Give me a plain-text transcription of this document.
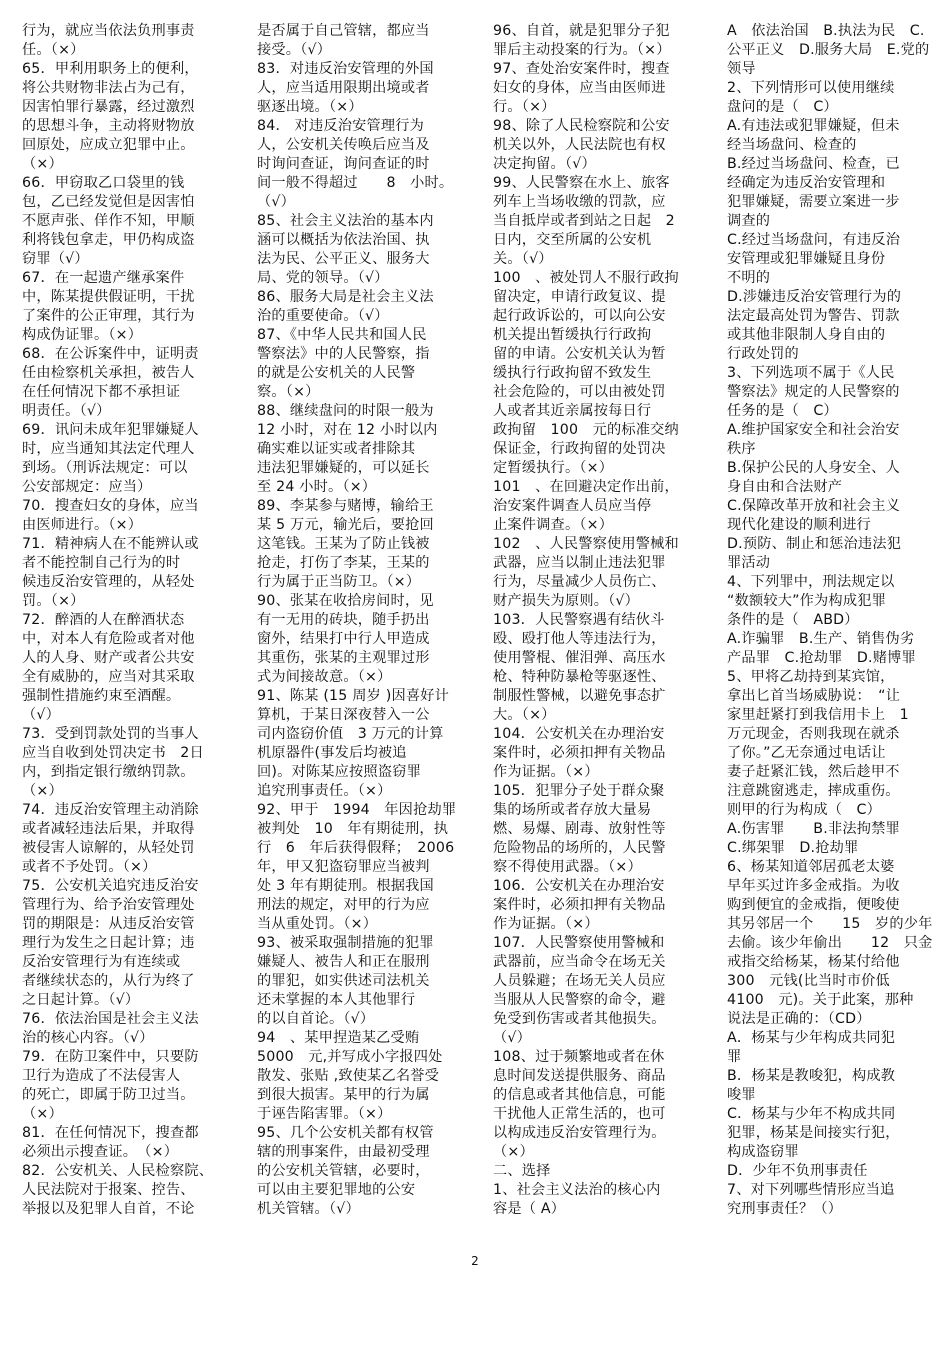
行为，就应当依法负刑事责
任。（×）
65．甲利用职务上的便利，
将公共财物非法占为己有，
因害怕罪行暴露，经过激烈
的思想斗争，主动将财物放
回原处，应成立犯罪中止。
（×）
66．甲窃取乙口袋里的钱
包，乙已经发觉但是因害怕
不愿声张、佯作不知，甲顺
利将钱包拿走，甲仍构成盗
窃罪（√）
67．在一起遗产继承案件
中，陈某提供假证明，干扰
了案件的公正审理，其行为
构成伪证罪。（×）
68．在公诉案件中，证明责
任由检察机关承担，被告人
在任何情况下都不承担证
明责任。（√）
69．讯问未成年犯罪嫌疑人
时，应当通知其法定代理人
到场。（刑诉法规定：可以
公安部规定：应当）
70．搜查妇女的身体，应当
由医师进行。（×）
71．精神病人在不能辨认或
者不能控制自己行为的时
候违反治安管理的，从轻处
罚。（×）
72．醉酒的人在醉酒状态
中，对本人有危险或者对他
人的人身、财产或者公共安
全有威胁的，应当对其采取
强制性措施约束至酒醒。
（√）
73．受到罚款处罚的当事人
应当自收到处罚决定书　2日
内，到指定银行缴纳罚款。
（×）
74．违反治安管理主动消除
或者减轻违法后果，并取得
被侵害人谅解的，从轻处罚
或者不予处罚。（×）
75．公安机关追究违反治安
管理行为、给予治安管理处
罚的期限是：从违反治安管
理行为发生之日起计算；违
反治安管理行为有连续或
者继续状态的，从行为终了
之日起计算。（√）
76．依法治国是社会主义法
治的核心内容。（√）
79．在防卫案件中，只要防
卫行为造成了不法侵害人
的死亡，即属于防卫过当。
（×）
81．在任何情况下，搜查都
必须出示搜查证。　（×）
82．公安机关、人民检察院、
人民法院对于报案、控告、
举报以及犯罪人自首，不论
是否属于自己管辖，都应当
接受。（√）
83．对违反治安管理的外国
人，应当适用限期出境或者
驱逐出境。（×）
84． 对违反治安管理行为
人，公安机关传唤后应当及
时询问查证，询问查证的时
间一般不得超过　　8　小时。
（√）
85、社会主义法治的基本内
涵可以概括为依法治国、执
法为民、公平正义、服务大
局、党的领导。（√）
86、服务大局是社会主义法
治的重要使命。（√）
87、《中华人民共和国人民
警察法》中的人民警察，指
的就是公安机关的人民警
察。（×）
88、继续盘问的时限一般为
12 小时，对在 12 小时以内
确实难以证实或者排除其
违法犯罪嫌疑的，可以延长
至 24 小时。（×）
89、李某参与赌博，输给王
某 5 万元，输光后，要抢回
这笔钱。王某为了防止钱被
抢走，打伤了李某，王某的
行为属于正当防卫。（×）
90、张某在收拾房间时，见
有一无用的砖块，随手扔出
窗外，结果打中行人甲造成
其重伤，张某的主观罪过形
式为间接故意。（×）
91、陈某 (15 周岁 )因喜好计
算机，于某日深夜替入一公
司内盗窃价值　3 万元的计算
机原器件(事发后均被追
回)。对陈某应按照盗窃罪
追究刑事责任。（×）
92、甲于　1994　年因抢劫罪
被判处　10　年有期徒刑，执
行　6　年后获得假释；　2006
年，甲又犯盗窃罪应当被判
处 3 年有期徒刑。根据我国
刑法的规定，对甲的行为应
当从重处罚。（×）
93、被采取强制措施的犯罪
嫌疑人、被告人和正在服刑
的罪犯，如实供述司法机关
还未掌握的本人其他罪行
的以自首论。（√）
94　、某甲捏造某乙受贿
5000　元,并写成小字报四处
散发、张贴 ,致使某乙名誉受
到很大损害。某甲的行为属
于诬告陷害罪。（×）
95、几个公安机关都有权管
辖的刑事案件，由最初受理
的公安机关管辖，必要时，
可以由主要犯罪地的公安
机关管辖。（√）
96、自首，就是犯罪分子犯
罪后主动投案的行为。（×）
97、查处治安案件时，搜查
妇女的身体，应当由医师进
行。（×）
98、除了人民检察院和公安
机关以外，人民法院也有权
决定拘留。（√）
99、人民警察在水上、旅客
列车上当场收缴的罚款，应
当自抵岸或者到站之日起　2
日内，交至所属的公安机
关。（√）
100　、被处罚人不服行政拘
留决定，申请行政复议、提
起行政诉讼的，可以向公安
机关提出暂缓执行行政拘
留的申请。公安机关认为暂
缓执行行政拘留不致发生
社会危险的，可以由被处罚
人或者其近亲属按每日行
政拘留　100　元的标准交纳
保证金，行政拘留的处罚决
定暂缓执行。（×）
101　、在回避决定作出前，
治安案件调查人员应当停
止案件调查。（×）
102　、人民警察使用警械和
武器，应当以制止违法犯罪
行为，尽量减少人员伤亡、
财产损失为原则。（√）
103．人民警察遇有结伙斗
殴、殴打他人等违法行为，
使用警棍、催泪弹、高压水
枪、特种防暴枪等驱逐性、
制服性警械，以避免事态扩
大。（×）
104．公安机关在办理治安
案件时，必须扣押有关物品
作为证据。（×）
105．犯罪分子处于群众聚
集的场所或者存放大量易
燃、易爆、剧毒、放射性等
危险物品的场所的，人民警
察不得使用武器。（×）
106．公安机关在办理治安
案件时，必须扣押有关物品
作为证据。（×）
107．人民警察使用警械和
武器前，应当命令在场无关
人员躲避；在场无关人员应
当服从人民警察的命令，避
免受到伤害或者其他损失。
（√）
108、过于频繁地或者在休
息时间发送提供服务、商品
的信息或者其他信息，可能
干扰他人正常生活的，也可
以构成违反治安管理行为。
（×）
二、选择
1、社会主义法治的核心内
容是（ A）
A　依法治国　B.执法为民　C.
公平正义　D.服务大局　E.党的
领导
2、下列情形可以使用继续
盘问的是（　C）
A.有违法或犯罪嫌疑，但未
经当场盘问、检查的
B.经过当场盘问、检查，已
经确定为违反治安管理和
犯罪嫌疑，需要立案进一步
调查的
C.经过当场盘问，有违反治
安管理或犯罪嫌疑且身份
不明的
D.涉嫌违反治安管理行为的
法定最高处罚为警告、罚款
或其他非限制人身自由的
行政处罚的
3、下列选项不属于《人民
警察法》规定的人民警察的
任务的是（　C）
A.维护国家安全和社会治安
秩序
B.保护公民的人身安全、人
身自由和合法财产
C.保障改革开放和社会主义
现代化建设的顺利进行
D.预防、制止和惩治违法犯
罪活动
4、下列罪中，刑法规定以
“数额较大”作为构成犯罪
条件的是（　ABD）
A.诈骗罪　B.生产、销售伪劣
产品罪　C.抢劫罪　D.赌博罪
5、甲将乙劫持到某宾馆，
拿出匕首当场威胁说：　“让
家里赶紧打到我信用卡上　1
万元现金，否则我现在就杀
了你。”乙无奈通过电话让
妻子赶紧汇钱，然后趁甲不
注意跳窗逃走，摔成重伤。
则甲的行为构成（　C）
A.伤害罪　　B.非法拘禁罪
C.绑架罪　D.抢劫罪
6、杨某知道邻居孤老太婆
早年买过许多金戒指。为收
购到便宜的金戒指，便唆使
其另邻居一个　　15　岁的少年
去偷。该少年偷出　　12　只金
戒指交给杨某，杨某付给他
300　元钱(比当时市价低
4100　元)。关于此案，那种
说法是正确的：（CD）
A．杨某与少年构成共同犯
罪
B．杨某是教唆犯，构成教
唆罪
C．杨某与少年不构成共同
犯罪，杨某是间接实行犯，
构成盗窃罪
D．少年不负刑事责任
7、对下列哪些情形应当追
究刑事责任？（）
2
